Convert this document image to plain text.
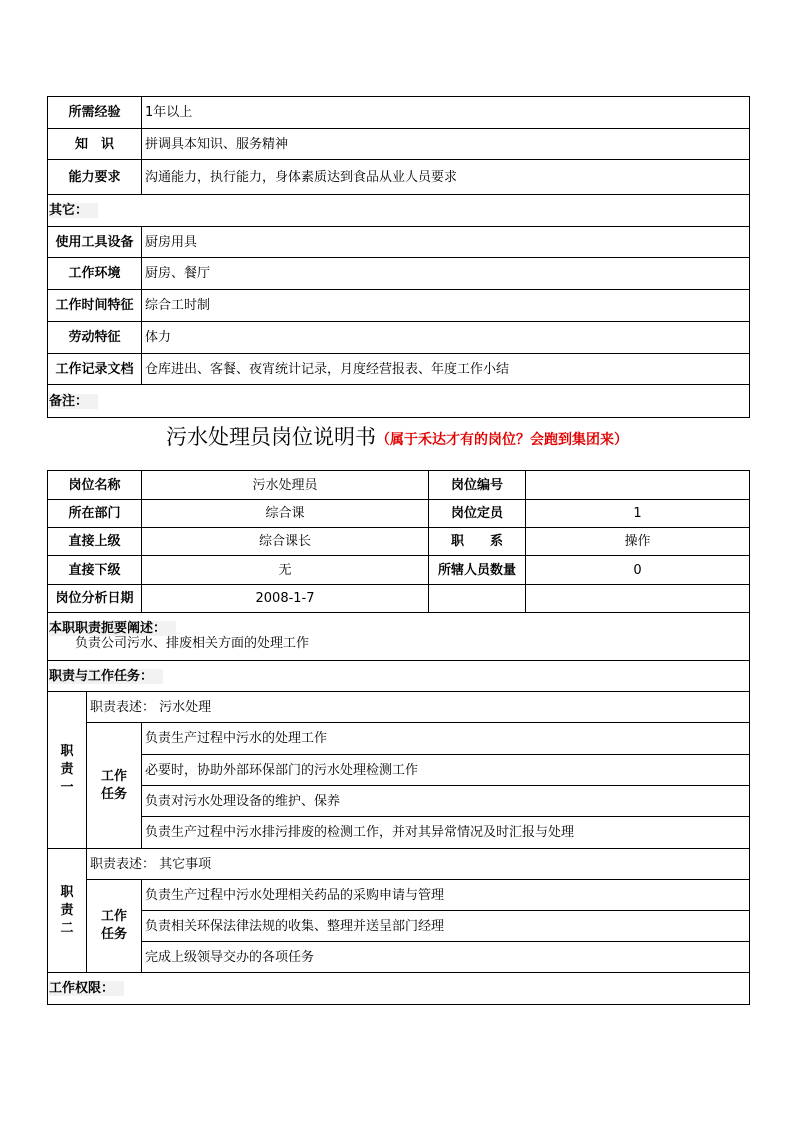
所需经验	1年以上
知　识	拼调具本知识、服务精神
能力要求	沟通能力，执行能力，身体素质达到食品从业人员要求
其它：	
使用工具设备	厨房用具
工作环境	厨房、餐厅
工作时间特征	综合工时制
劳动特征	体力
工作记录文档	仓库进出、客餐、夜宵统计记录，月度经营报表、年度工作小结
备注：	
污水处理员岗位说明书（属于禾达才有的岗位？会跑到集团来）
岗位名称		污水处理员	岗位编号	
所在部门		综合课	岗位定员	1
直接上级		综合课长	职　　系	操作
直接下级		无	所辖人员数量	0
岗位分析日期		2008-1-7		

本职职责扼要阐述：
负责公司污水、排废相关方面的处理工作				

职责与工作任务：				
职责一	职责表述： 污水处理			
	工作任务	负责生产过程中污水的处理工作		
		必要时，协助外部环保部门的污水处理检测工作		
		负责对污水处理设备的维护、保养		
		负责生产过程中污水排污排废的检测工作，并对其异常情况及时汇报与处理		
职责二	职责表述： 其它事项			
	工作任务	负责生产过程中污水处理相关药品的采购申请与管理		
		负责相关环保法律法规的收集、整理并送呈部门经理		
		完成上级领导交办的各项任务		
工作权限：				
